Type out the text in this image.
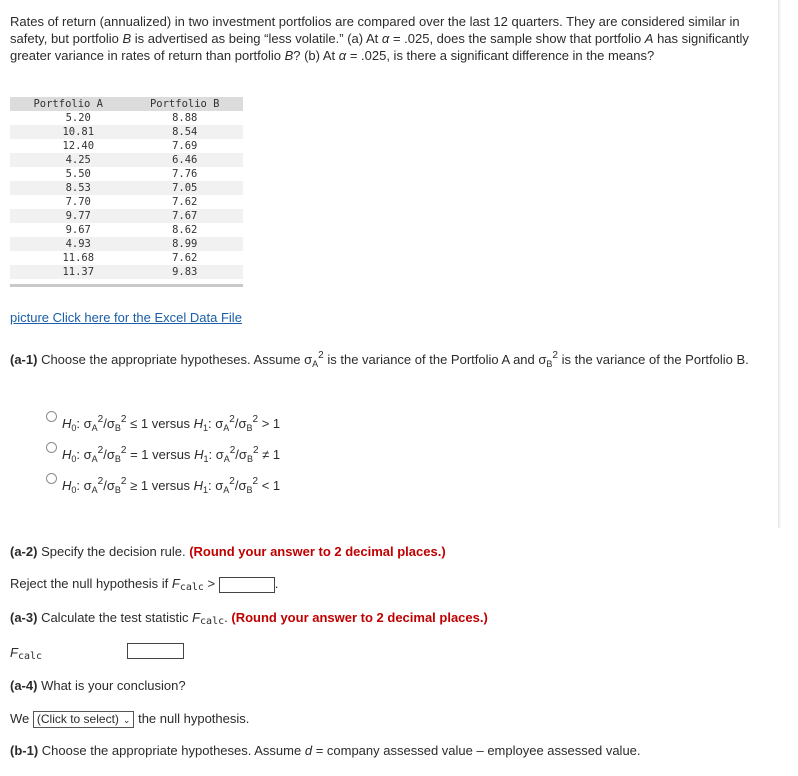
Rates of return (annualized) in two investment portfolios are compared over the last 12 quarters. They are considered similar in safety, but portfolio B is advertised as being “less volatile.” (a) At α = .025, does the sample show that portfolio A has significantly greater variance in rates of return than portfolio B? (b) At α = .025, is there a significant difference in the means?
Portfolio A	Portfolio B
5.20	8.88
10.81	8.54
12.40	7.69
4.25	6.46
5.50	7.76
8.53	7.05
7.70	7.62
9.77	7.67
9.67	8.62
4.93	8.99
11.68	7.62
11.37	9.83
picture Click here for the Excel Data File
(a-1) Choose the appropriate hypotheses. Assume $\sigma_A^2$ is the variance of the Portfolio A and $\sigma_B^2$ is the variance of the Portfolio B.
$H_0$: $\sigma_A^2/\sigma_B^2 \le 1$ versus $H_1$: $\sigma_A^2/\sigma_B^2 > 1$
$H_0$: $\sigma_A^2/\sigma_B^2 = 1$ versus $H_1$: $\sigma_A^2/\sigma_B^2 \ne 1$
$H_0$: $\sigma_A^2/\sigma_B^2 \ge 1$ versus $H_1$: $\sigma_A^2/\sigma_B^2 < 1$
(a-2) Specify the decision rule. (Round your answer to 2 decimal places.)
Reject the null hypothesis if Fcalc >	.
(a-3) Calculate the test statistic Fcalc. (Round your answer to 2 decimal places.)
Fcalc
(a-4) What is your conclusion?
We (Click to select) ⌄ the null hypothesis.
(b-1) Choose the appropriate hypotheses. Assume d = company assessed value – employee assessed value.
